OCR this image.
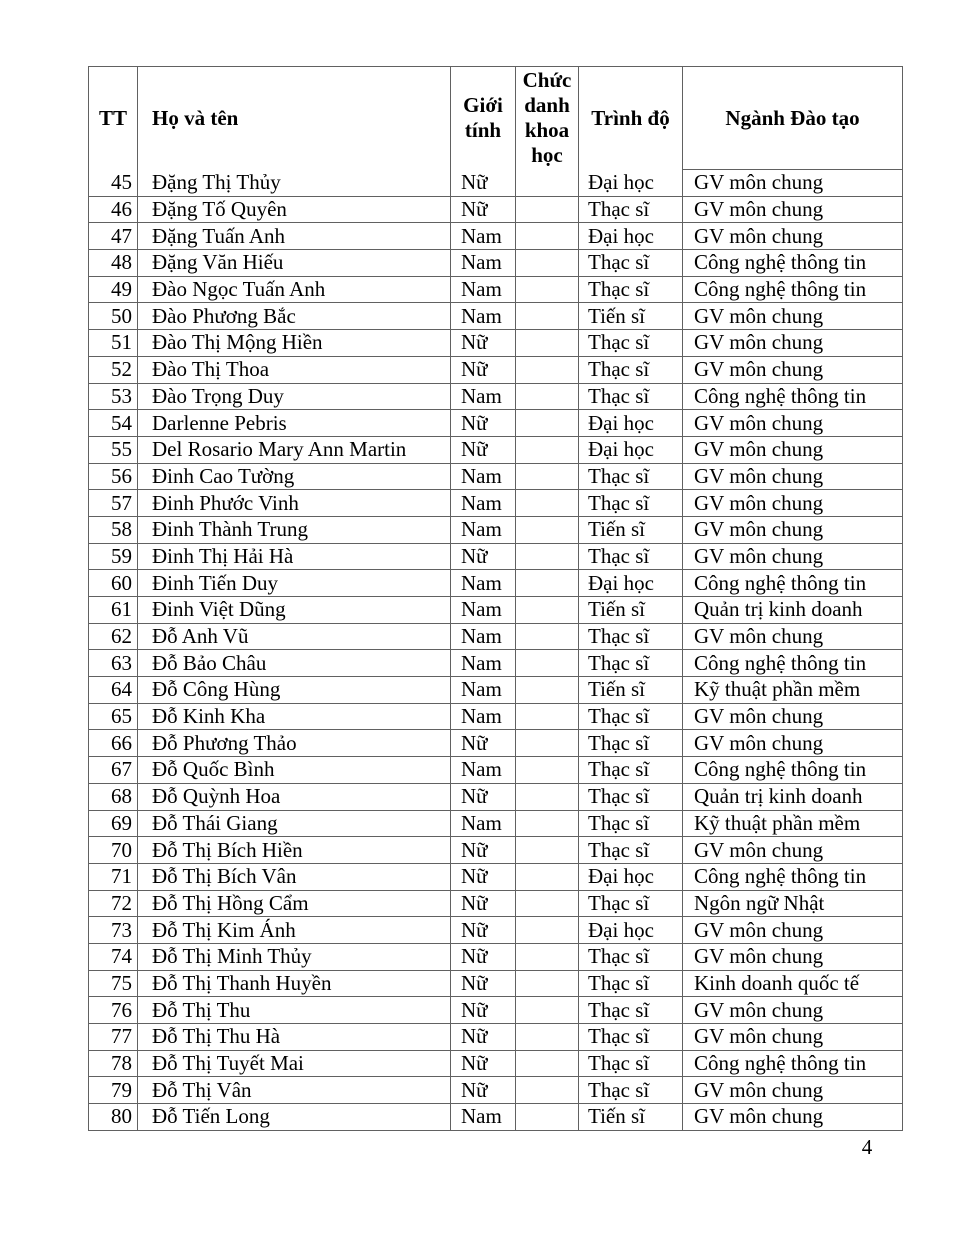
TT	Họ và tên	Giới tính	Chức danh khoa học	Trình độ	Ngành Đào tạo
45	Đặng Thị Thủy	Nữ		Đại học	GV môn chung
46	Đặng Tố Quyên	Nữ		Thạc sĩ	GV môn chung
47	Đặng Tuấn Anh	Nam		Đại học	GV môn chung
48	Đặng Văn Hiếu	Nam		Thạc sĩ	Công nghệ thông tin
49	Đào Ngọc Tuấn Anh	Nam		Thạc sĩ	Công nghệ thông tin
50	Đào Phương Bắc	Nam		Tiến sĩ	GV môn chung
51	Đào Thị Mộng Hiền	Nữ		Thạc sĩ	GV môn chung
52	Đào Thị Thoa	Nữ		Thạc sĩ	GV môn chung
53	Đào Trọng Duy	Nam		Thạc sĩ	Công nghệ thông tin
54	Darlenne Pebris	Nữ		Đại học	GV môn chung
55	Del Rosario Mary Ann Martin	Nữ		Đại học	GV môn chung
56	Đinh Cao Tường	Nam		Thạc sĩ	GV môn chung
57	Đinh Phước Vinh	Nam		Thạc sĩ	GV môn chung
58	Đinh Thành Trung	Nam		Tiến sĩ	GV môn chung
59	Đinh Thị Hải Hà	Nữ		Thạc sĩ	GV môn chung
60	Đinh Tiến Duy	Nam		Đại học	Công nghệ thông tin
61	Đinh Việt Dũng	Nam		Tiến sĩ	Quản trị kinh doanh
62	Đỗ Anh Vũ	Nam		Thạc sĩ	GV môn chung
63	Đỗ Bảo Châu	Nam		Thạc sĩ	Công nghệ thông tin
64	Đỗ Công Hùng	Nam		Tiến sĩ	Kỹ thuật phần mềm
65	Đỗ Kinh Kha	Nam		Thạc sĩ	GV môn chung
66	Đỗ Phương Thảo	Nữ		Thạc sĩ	GV môn chung
67	Đỗ Quốc Bình	Nam		Thạc sĩ	Công nghệ thông tin
68	Đỗ Quỳnh Hoa	Nữ		Thạc sĩ	Quản trị kinh doanh
69	Đỗ Thái Giang	Nam		Thạc sĩ	Kỹ thuật phần mềm
70	Đỗ Thị Bích Hiền	Nữ		Thạc sĩ	GV môn chung
71	Đỗ Thị Bích Vân	Nữ		Đại học	Công nghệ thông tin
72	Đỗ Thị Hồng Cẩm	Nữ		Thạc sĩ	Ngôn ngữ Nhật
73	Đỗ Thị Kim Ánh	Nữ		Đại học	GV môn chung
74	Đỗ Thị Minh Thủy	Nữ		Thạc sĩ	GV môn chung
75	Đỗ Thị Thanh Huyền	Nữ		Thạc sĩ	Kinh doanh quốc tế
76	Đỗ Thị Thu	Nữ		Thạc sĩ	GV môn chung
77	Đỗ Thị Thu Hà	Nữ		Thạc sĩ	GV môn chung
78	Đỗ Thị Tuyết Mai	Nữ		Thạc sĩ	Công nghệ thông tin
79	Đỗ Thị Vân	Nữ		Thạc sĩ	GV môn chung
80	Đỗ Tiến Long	Nam		Tiến sĩ	GV môn chung
4
